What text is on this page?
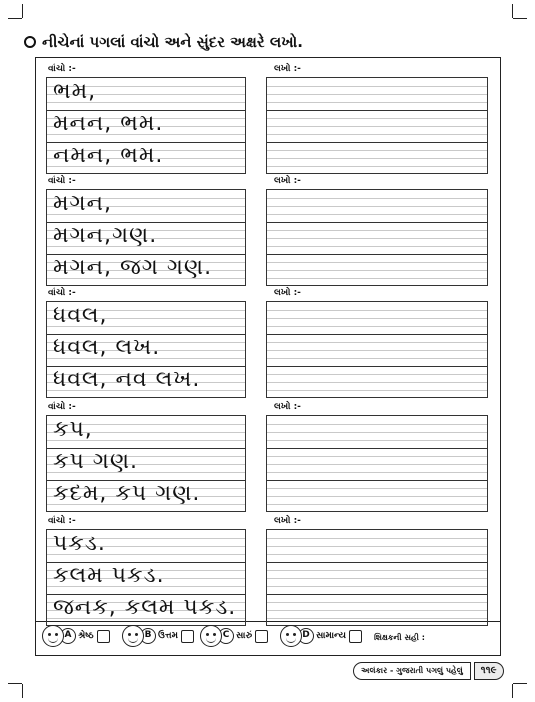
નીચેનાં પગલાં વાંચો અને સુંદર અક્ષરે લખો.
વાંચો :-	લખો :-
ભમ,
મનન, ભમ.
નમન, ભમ.
વાંચો :-	લખો :-
મગન,
મગન,ગણ.
મગન, જગ ગણ.
વાંચો :-	લખો :-
ધવલ,
ધવલ, લખ.
ધવલ, નવ લખ.
વાંચો :-	લખો :-
કપ,
કપ ગણ.
કદમ, કપ ગણ.
વાંચો :-	લખો :-
પકડ.
કલમ પકડ.
જનક, કલમ પકડ.
A શ્રેષ્ઠ	B ઉત્તમ	C સારું	D સામાન્ય	શિક્ષકની સહી :
અલંકાર - ગુજરાતી પગલું પહેલું	૧૧૯
